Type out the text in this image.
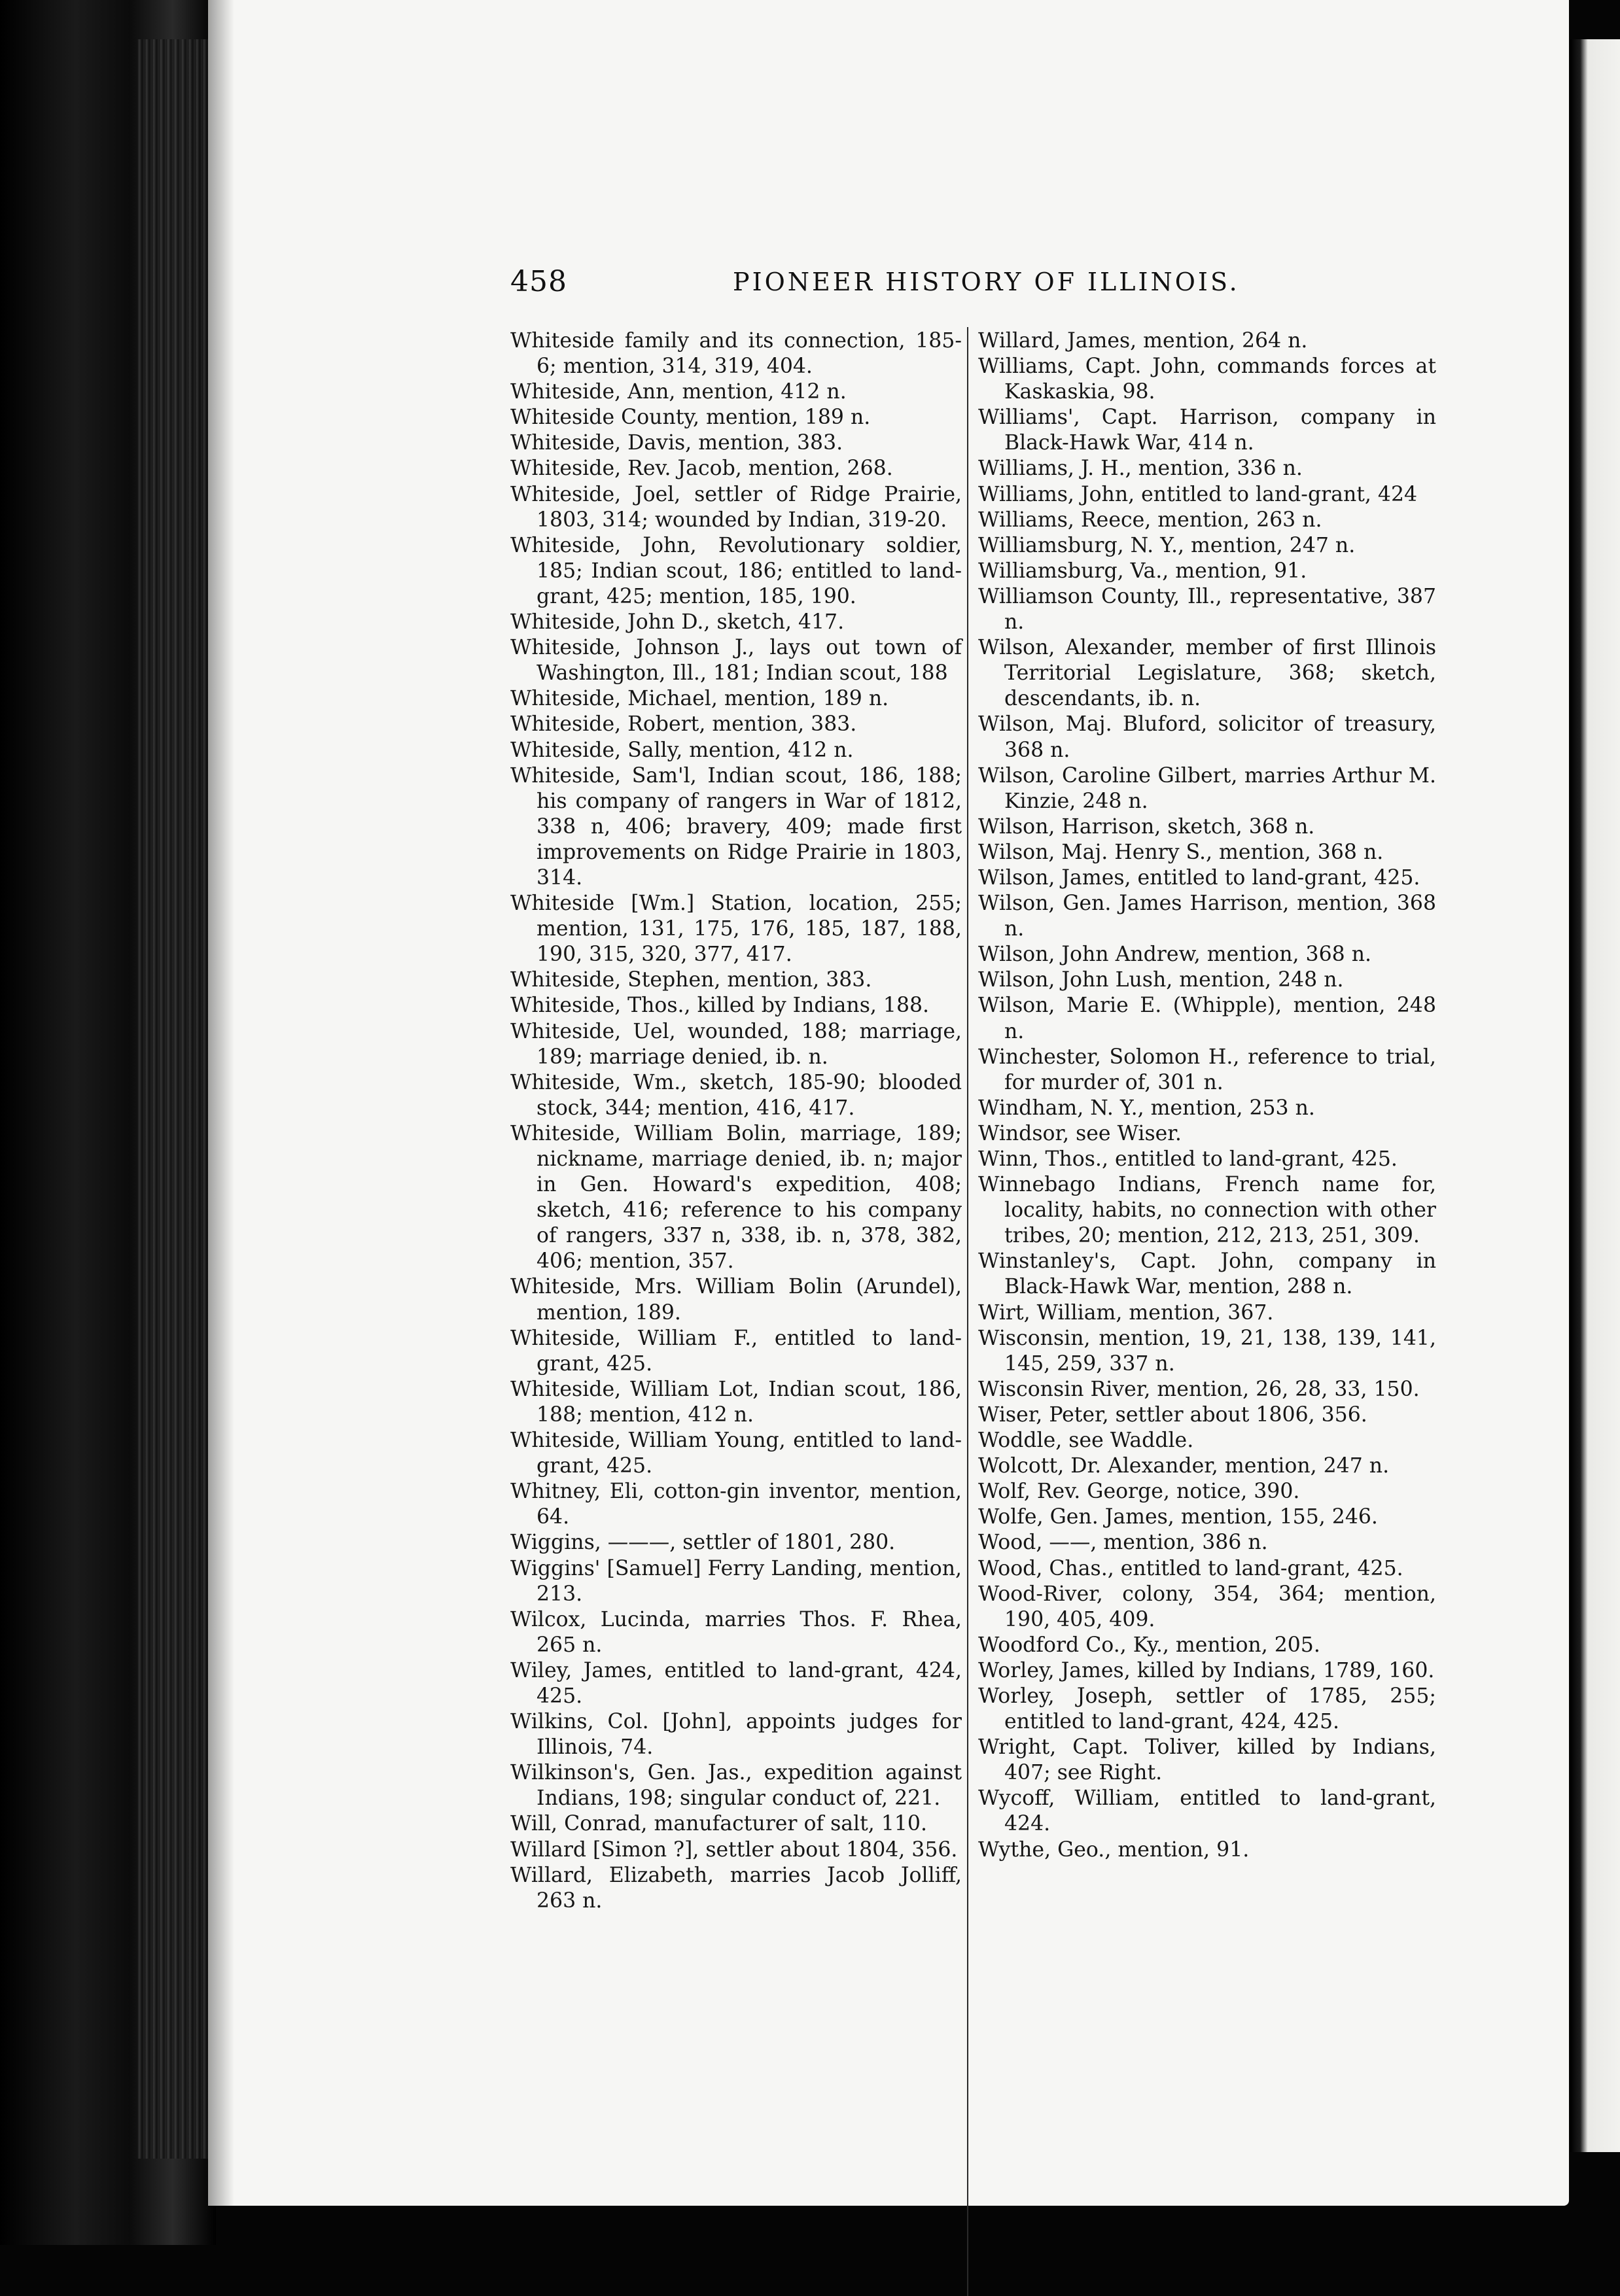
458	PIONEER HISTORY OF ILLINOIS.

Whiteside family and its connection, 185-6; mention, 314, 319, 404.

Whiteside, Ann, mention, 412 n.

Whiteside County, mention, 189 n.

Whiteside, Davis, mention, 383.

Whiteside, Rev. Jacob, mention, 268.

Whiteside, Joel, settler of Ridge Prairie, 1803, 314; wounded by Indian, 319-20.

Whiteside, John, Revolutionary soldier, 185; Indian scout, 186; entitled to land-grant, 425; mention, 185, 190.

Whiteside, John D., sketch, 417.

Whiteside, Johnson J., lays out town of Washington, Ill., 181; Indian scout, 188

Whiteside, Michael, mention, 189 n.

Whiteside, Robert, mention, 383.

Whiteside, Sally, mention, 412 n.

Whiteside, Sam'l, Indian scout, 186, 188; his company of rangers in War of 1812, 338 n, 406; bravery, 409; made first improvements on Ridge Prairie in 1803, 314.

Whiteside [Wm.] Station, location, 255; mention, 131, 175, 176, 185, 187, 188, 190, 315, 320, 377, 417.

Whiteside, Stephen, mention, 383.

Whiteside, Thos., killed by Indians, 188.

Whiteside, Uel, wounded, 188; marriage, 189; marriage denied, ib. n.

Whiteside, Wm., sketch, 185-90; blooded stock, 344; mention, 416, 417.

Whiteside, William Bolin, marriage, 189; nickname, marriage denied, ib. n; major in Gen. Howard's expedition, 408; sketch, 416; reference to his company of rangers, 337 n, 338, ib. n, 378, 382, 406; mention, 357.

Whiteside, Mrs. William Bolin (Arundel), mention, 189.

Whiteside, William F., entitled to land-grant, 425.

Whiteside, William Lot, Indian scout, 186, 188; mention, 412 n.

Whiteside, William Young, entitled to land-grant, 425.

Whitney, Eli, cotton-gin inventor, mention, 64.

Wiggins, ———, settler of 1801, 280.

Wiggins' [Samuel] Ferry Landing, mention, 213.

Wilcox, Lucinda, marries Thos. F. Rhea, 265 n.

Wiley, James, entitled to land-grant, 424, 425.

Wilkins, Col. [John], appoints judges for Illinois, 74.

Wilkinson's, Gen. Jas., expedition against Indians, 198; singular conduct of, 221.

Will, Conrad, manufacturer of salt, 110.

Willard [Simon ?], settler about 1804, 356.

Willard, Elizabeth, marries Jacob Jolliff, 263 n.

Willard, James, mention, 264 n.

Williams, Capt. John, commands forces at Kaskaskia, 98.

Williams', Capt. Harrison, company in Black-Hawk War, 414 n.

Williams, J. H., mention, 336 n.

Williams, John, entitled to land-grant, 424

Williams, Reece, mention, 263 n.

Williamsburg, N. Y., mention, 247 n.

Williamsburg, Va., mention, 91.

Williamson County, Ill., representative, 387 n.

Wilson, Alexander, member of first Illinois Territorial Legislature, 368; sketch, descendants, ib. n.

Wilson, Maj. Bluford, solicitor of treasury, 368 n.

Wilson, Caroline Gilbert, marries Arthur M. Kinzie, 248 n.

Wilson, Harrison, sketch, 368 n.

Wilson, Maj. Henry S., mention, 368 n.

Wilson, James, entitled to land-grant, 425.

Wilson, Gen. James Harrison, mention, 368 n.

Wilson, John Andrew, mention, 368 n.

Wilson, John Lush, mention, 248 n.

Wilson, Marie E. (Whipple), mention, 248 n.

Winchester, Solomon H., reference to trial, for murder of, 301 n.

Windham, N. Y., mention, 253 n.

Windsor, see Wiser.

Winn, Thos., entitled to land-grant, 425.

Winnebago Indians, French name for, locality, habits, no connection with other tribes, 20; mention, 212, 213, 251, 309.

Winstanley's, Capt. John, company in Black-Hawk War, mention, 288 n.

Wirt, William, mention, 367.

Wisconsin, mention, 19, 21, 138, 139, 141, 145, 259, 337 n.

Wisconsin River, mention, 26, 28, 33, 150.

Wiser, Peter, settler about 1806, 356.

Woddle, see Waddle.

Wolcott, Dr. Alexander, mention, 247 n.

Wolf, Rev. George, notice, 390.

Wolfe, Gen. James, mention, 155, 246.

Wood, ——, mention, 386 n.

Wood, Chas., entitled to land-grant, 425.

Wood-River, colony, 354, 364; mention, 190, 405, 409.

Woodford Co., Ky., mention, 205.

Worley, James, killed by Indians, 1789, 160.

Worley, Joseph, settler of 1785, 255; entitled to land-grant, 424, 425.

Wright, Capt. Toliver, killed by Indians, 407; see Right.

Wycoff, William, entitled to land-grant, 424.

Wythe, Geo., mention, 91.
